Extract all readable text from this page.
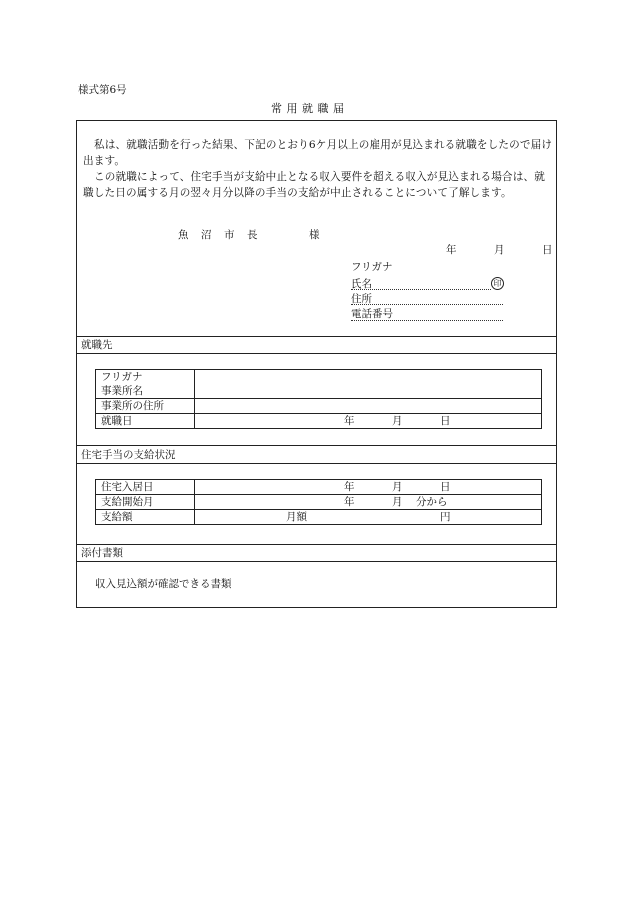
様式第6号
常 用 就 職 届

私は、就職活動を行った結果、下記のとおり6ケ月以上の雇用が見込まれる就職をしたので届け出ます。

この就職によって、住宅手当が支給中止となる収入要件を超える収入が見込まれる場合は、就職した日の属する月の翌々月分以降の手当の支給が中止されることについて了解します。

魚　沼　市　長	様
年	月	日
フリガナ
氏名	印
住所
電話番号
就職先
フリガナ	
事業所名	
事業所の住所	
就職日	年 月 日
住宅手当の支給状況
住宅入居日	年 月 日

支給開始月	年 月 分から

支給額	月額 円
添付書類
収入見込額が確認できる書類
